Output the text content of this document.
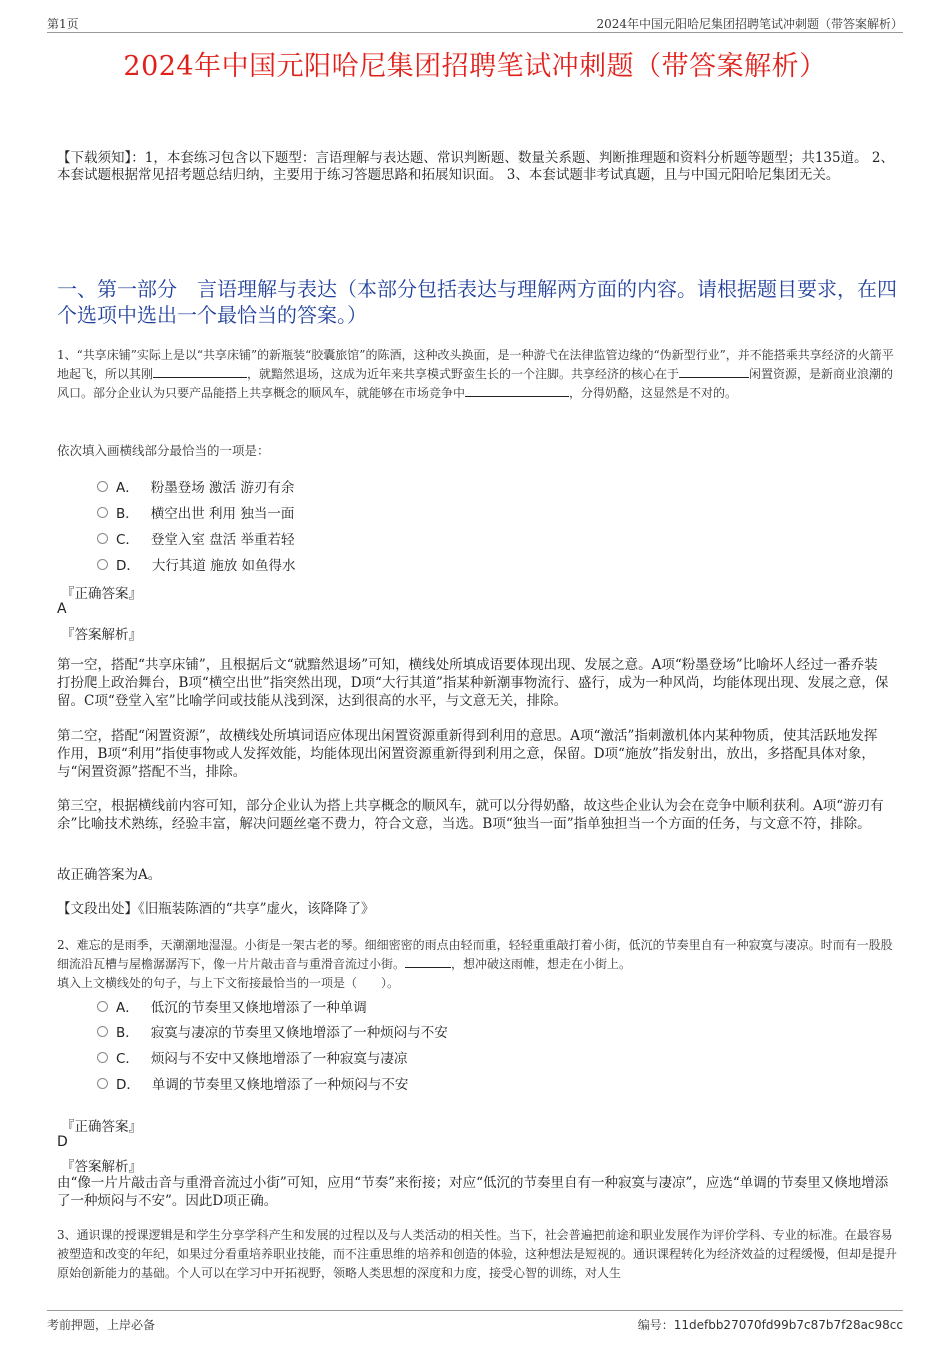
第1页	2024年中国元阳哈尼集团招聘笔试冲刺题（带答案解析）
2024年中国元阳哈尼集团招聘笔试冲刺题（带答案解析）
【下载须知】：1，本套练习包含以下题型：言语理解与表达题、常识判断题、数量关系题、判断推理题和资料分析题等题型；共135道。 2、本套试题根据常见招考题总结归纳，主要用于练习答题思路和拓展知识面。 3、本套试题非考试真题，且与中国元阳哈尼集团无关。
一、第一部分　言语理解与表达（本部分包括表达与理解两方面的内容。请根据题目要求，在四个选项中选出一个最恰当的答案。）
1、“共享床铺”实际上是以“共享床铺”的新瓶装“胶囊旅馆”的陈酒，这种改头换面，是一种游弋在法律监管边缘的“伪新型行业”，并不能搭乘共享经济的火箭平地起飞，所以其刚	，就黯然退场，这成为近年来共享模式野蛮生长的一个注脚。共享经济的核心在于	闲置资源，是新商业浪潮的风口。部分企业认为只要产品能搭上共享概念的顺风车，就能够在市场竞争中	，分得奶酪，这显然是不对的。
依次填入画横线部分最恰当的一项是：
A． 粉墨登场 激活 游刃有余
B． 横空出世 利用 独当一面
C． 登堂入室 盘活 举重若轻
D． 大行其道 施放 如鱼得水
『正确答案』
A
『答案解析』
第一空，搭配“共享床铺”，且根据后文“就黯然退场”可知，横线处所填成语要体现出现、发展之意。A项“粉墨登场”比喻坏人经过一番乔装打扮爬上政治舞台，B项“横空出世”指突然出现，D项“大行其道”指某种新潮事物流行、盛行，成为一种风尚，均能体现出现、发展之意，保留。C项“登堂入室”比喻学问或技能从浅到深，达到很高的水平，与文意无关，排除。
第二空，搭配“闲置资源”，故横线处所填词语应体现出闲置资源重新得到利用的意思。A项“激活”指刺激机体内某种物质，使其活跃地发挥作用，B项“利用”指使事物或人发挥效能，均能体现出闲置资源重新得到利用之意，保留。D项“施放”指发射出，放出，多搭配具体对象，与“闲置资源”搭配不当，排除。
第三空，根据横线前内容可知，部分企业认为搭上共享概念的顺风车，就可以分得奶酪，故这些企业认为会在竞争中顺利获利。A项“游刃有余”比喻技术熟练，经验丰富，解决问题丝毫不费力，符合文意，当选。B项“独当一面”指单独担当一个方面的任务，与文意不符，排除。
故正确答案为A。
【文段出处】《旧瓶装陈酒的“共享”虚火，该降降了》
2、难忘的是雨季，天潮潮地湿湿。小街是一架古老的琴。细细密密的雨点由轻而重，轻轻重重敲打着小街，低沉的节奏里自有一种寂寞与凄凉。时而有一股股细流沿瓦槽与屋檐潺潺泻下，像一片片敲击音与重滑音流过小街。	，想冲破这雨帷，想走在小街上。
填入上文横线处的句子，与上下文衔接最恰当的一项是（　　）。
A． 低沉的节奏里又倏地增添了一种单调
B． 寂寞与凄凉的节奏里又倏地增添了一种烦闷与不安
C． 烦闷与不安中又倏地增添了一种寂寞与凄凉
D． 单调的节奏里又倏地增添了一种烦闷与不安
『正确答案』
D
『答案解析』
由“像一片片敲击音与重滑音流过小街”可知，应用“节奏”来衔接；对应“低沉的节奏里自有一种寂寞与凄凉”，应选“单调的节奏里又倏地增添了一种烦闷与不安”。因此D项正确。
3、通识课的授课逻辑是和学生分享学科产生和发展的过程以及与人类活动的相关性。当下，社会普遍把前途和职业发展作为评价学科、专业的标准。在最容易被塑造和改变的年纪，如果过分看重培养职业技能，而不注重思维的培养和创造的体验，这种想法是短视的。通识课程转化为经济效益的过程缓慢，但却是提升原始创新能力的基础。个人可以在学习中开拓视野，领略人类思想的深度和力度，接受心智的训练，对人生
考前押题，上岸必备	编号：11defbb27070fd99b7c87b7f28ac98cc
